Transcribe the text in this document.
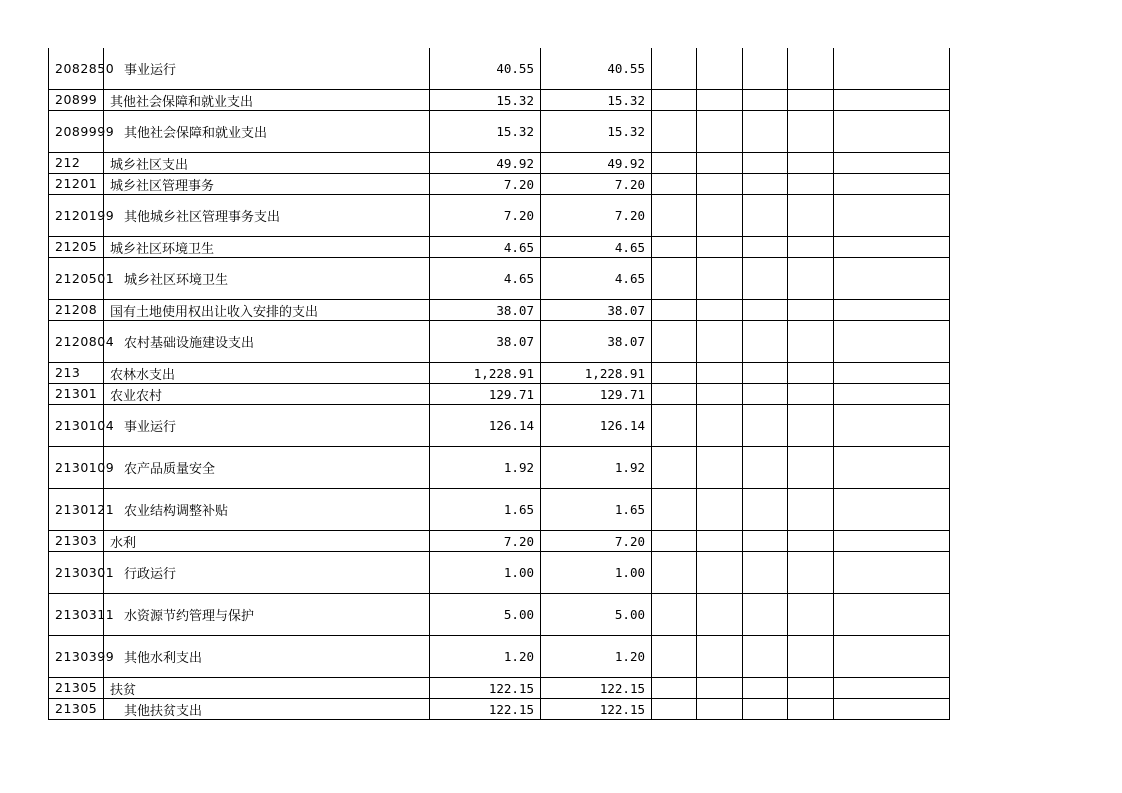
2082850	事业运行	40.55	40.55					

20899	其他社会保障和就业支出	15.32	15.32					

2089999	其他社会保障和就业支出	15.32	15.32					

212	城乡社区支出	49.92	49.92					

21201	城乡社区管理事务	7.20	7.20					

2120199	其他城乡社区管理事务支出	7.20	7.20					

21205	城乡社区环境卫生	4.65	4.65					

2120501	城乡社区环境卫生	4.65	4.65					

21208	国有土地使用权出让收入安排的支出	38.07	38.07					

2120804	农村基础设施建设支出	38.07	38.07					

213	农林水支出	1,228.91	1,228.91					

21301	农业农村	129.71	129.71					

2130104	事业运行	126.14	126.14					

2130109	农产品质量安全	1.92	1.92					

2130121	农业结构调整补贴	1.65	1.65					

21303	水利	7.20	7.20					

2130301	行政运行	1.00	1.00					

2130311	水资源节约管理与保护	5.00	5.00					

2130399	其他水利支出	1.20	1.20					

21305	扶贫	122.15	122.15					

21305	其他扶贫支出	122.15	122.15					
